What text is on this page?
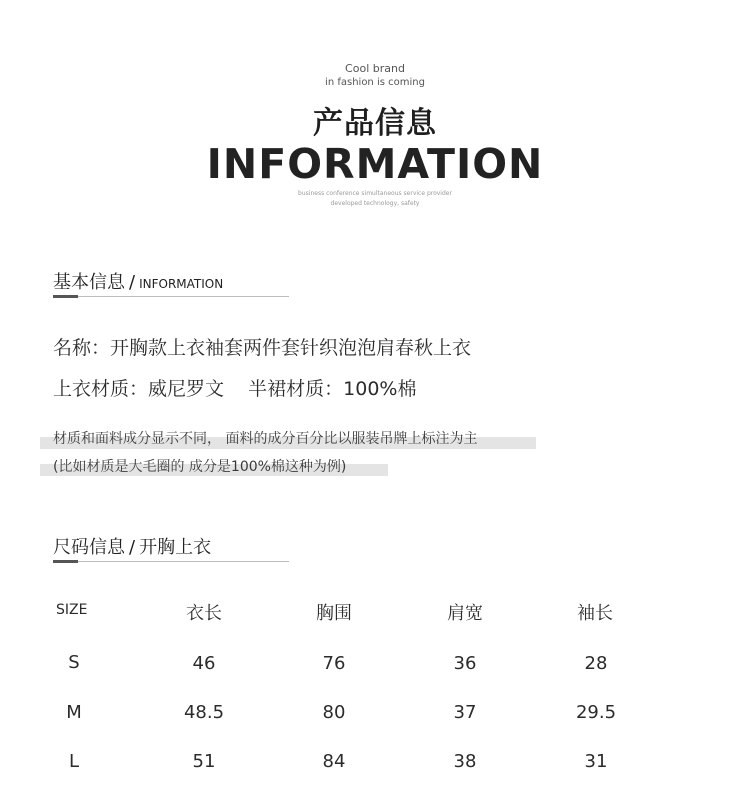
Cool brand
in fashion is coming
产品信息
INFORMATION
business conference simultaneous service provider
developed technology, safety
基本信息 / INFORMATION
名称：开胸款上衣袖套两件套针织泡泡肩春秋上衣
上衣材质：威尼罗文    半裙材质：100%棉
材质和面料成分显示不同， 面料的成分百分比以服装吊牌上标注为主
(比如材质是大毛圈的 成分是100%棉这种为例)
尺码信息 / 开胸上衣
SIZE	衣长	胸围	肩宽	袖长
S	46	76	36	28
M	48.5	80	37	29.5
L	51	84	38	31
